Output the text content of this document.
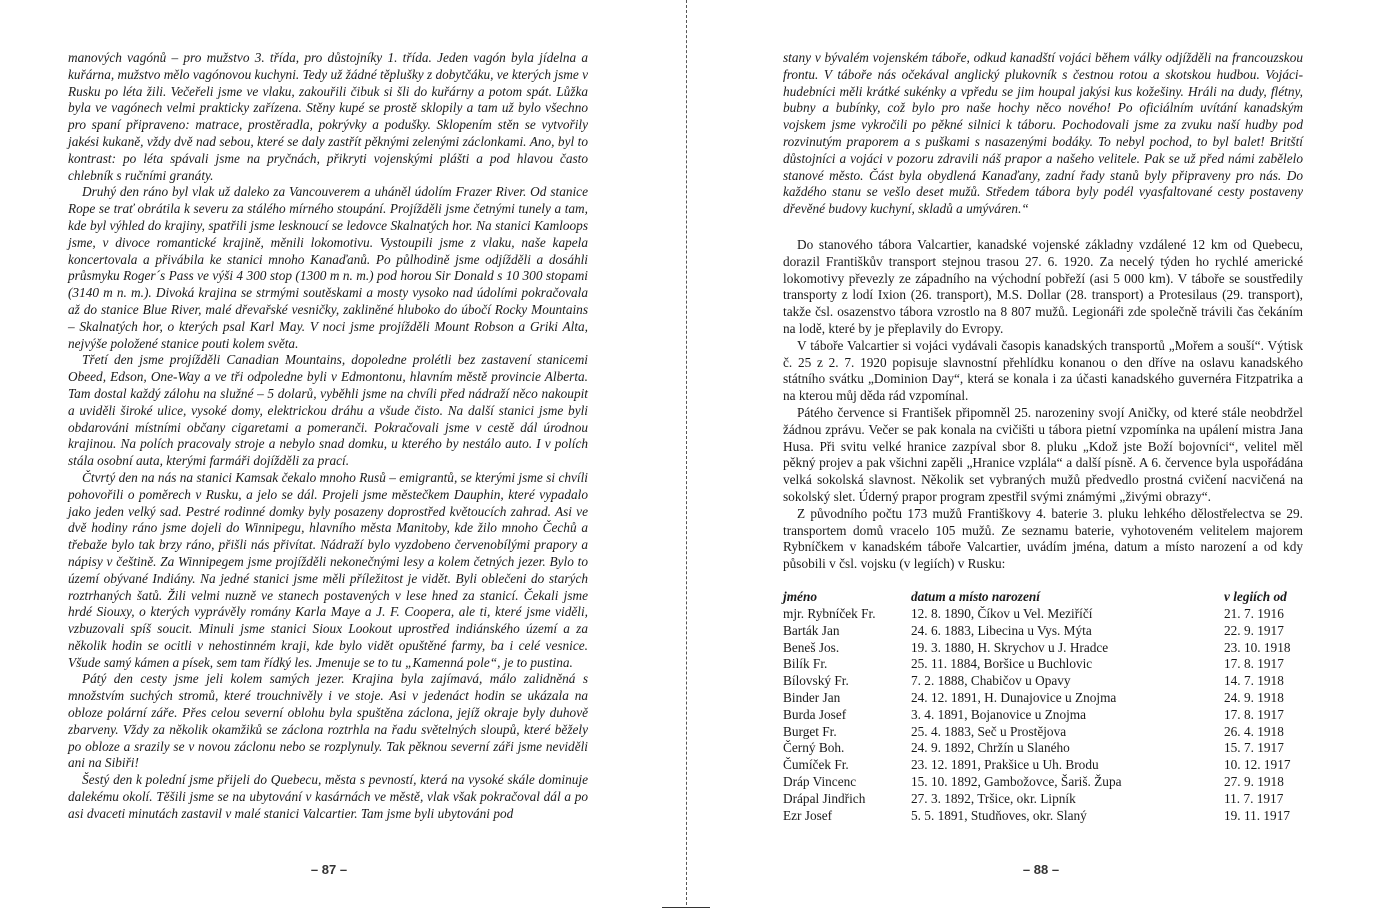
manových vagónů – pro mužstvo 3. třída, pro důstojníky 1. třída. Jeden vagón byla jídelna a kuřárna, mužstvo mělo vagónovou kuchyni. Tedy už žádné těplušky z dobytčáku, ve kterých jsme v Rusku po léta žili. Večeřeli jsme ve vlaku, zakouřili čibuk si šli do kuřárny a potom spát. Lůžka byla ve vagónech velmi prakticky zařízena. Stěny kupé se prostě sklopily a tam už bylo všechno pro spaní připraveno: matrace, prostěradla, pokrývky a podušky. Sklopením stěn se vytvořily jakési kukaně, vždy dvě nad sebou, které se daly zastřít pěknými zelenými záclonkami. Ano, byl to kontrast: po léta spávali jsme na pryčnách, přikryti vojenskými plášti a pod hlavou často chlebník s ručními granáty.

Druhý den ráno byl vlak už daleko za Vancouverem a uháněl údolím Frazer River. Od stanice Rope se trať obrátila k severu za stálého mírného stoupání. Projížděli jsme četnými tunely a tam, kde byl výhled do krajiny, spatřili jsme lesknoucí se ledovce Skalnatých hor. Na stanici Kamloops jsme, v divoce romantické krajině, měnili lokomotivu. Vystoupili jsme z vlaku, naše kapela koncertovala a přivábila ke stanici mnoho Kanaďanů. Po půlhodině jsme odjížděli a dosáhli průsmyku Roger´s Pass ve výši 4 300 stop (1300 m n. m.) pod horou Sir Donald s 10 300 stopami (3140 m n. m.). Divoká krajina se strmými soutěskami a mosty vysoko nad údolími pokračovala až do stanice Blue River, malé dřevařské vesničky, zakliněné hluboko do úbočí Rocky Mountains – Skalnatých hor, o kterých psal Karl May. V noci jsme projížděli Mount Robson a Griki Alta, nejvýše položené stanice pouti kolem světa.

Třetí den jsme projížděli Canadian Mountains, dopoledne prolétli bez zastavení stanicemi Obeed, Edson, One-Way a ve tři odpoledne byli v Edmontonu, hlavním městě provincie Alberta. Tam dostal každý zálohu na služné – 5 dolarů, vyběhli jsme na chvíli před nádraží něco nakoupit a uviděli široké ulice, vysoké domy, elektrickou dráhu a všude čisto. Na další stanici jsme byli obdarováni místními občany cigaretami a pomeranči. Pokračovali jsme v cestě dál úrodnou krajinou. Na polích pracovaly stroje a nebylo snad domku, u kterého by nestálo auto. I v polích stála osobní auta, kterými farmáři dojížděli za prací.

Čtvrtý den na nás na stanici Kamsak čekalo mnoho Rusů – emigrantů, se kterými jsme si chvíli pohovořili o poměrech v Rusku, a jelo se dál. Projeli jsme městečkem Dauphin, které vypadalo jako jeden velký sad. Pestré rodinné domky byly posazeny doprostřed květoucích zahrad. Asi ve dvě hodiny ráno jsme dojeli do Winnipegu, hlavního města Manitoby, kde žilo mnoho Čechů a třebaže bylo tak brzy ráno, přišli nás přivítat. Nádraží bylo vyzdobeno červenobílými prapory a nápisy v češtině. Za Winnipegem jsme projížděli nekonečnými lesy a kolem četných jezer. Bylo to území obývané Indiány. Na jedné stanici jsme měli příležitost je vidět. Byli oblečeni do starých roztrhaných šatů. Žili velmi nuzně ve stanech postavených v lese hned za stanicí. Čekali jsme hrdé Siouxy, o kterých vyprávěly romány Karla Maye a J. F. Coopera, ale ti, které jsme viděli, vzbuzovali spíš soucit. Minuli jsme stanici Sioux Lookout uprostřed indiánského území a za několik hodin se ocitli v nehostinném kraji, kde bylo vidět opuštěné farmy, ba i celé vesnice. Všude samý kámen a písek, sem tam řídký les. Jmenuje se to tu „Kamenná pole“, je to pustina.

Pátý den cesty jsme jeli kolem samých jezer. Krajina byla zajímavá, málo zalidněná s množstvím suchých stromů, které trouchnivěly i ve stoje. Asi v jedenáct hodin se ukázala na obloze polární záře. Přes celou severní oblohu byla spuštěna záclona, jejíž okraje byly duhově zbarveny. Vždy za několik okamžiků se záclona roztrhla na řadu světelných sloupů, které běžely po obloze a srazily se v novou záclonu nebo se rozplynuly. Tak pěknou severní záři jsme neviděli ani na Sibiři!

Šestý den k polední jsme přijeli do Quebecu, města s pevností, která na vysoké skále dominuje dalekému okolí. Těšili jsme se na ubytování v kasárnách ve městě, vlak však pokračoval dál a po asi dvaceti minutách zastavil v malé stanici Valcartier. Tam jsme byli ubytováni pod

– 87 –

stany v bývalém vojenském táboře, odkud kanadští vojáci během války odjížděli na francouzskou frontu. V táboře nás očekával anglický plukovník s čestnou rotou a skotskou hudbou. Vojáci-hudebníci měli krátké sukénky a vpředu se jim houpal jakýsi kus kožešiny. Hráli na dudy, flétny, bubny a bubínky, což bylo pro naše hochy něco nového! Po oficiálním uvítání kanadským vojskem jsme vykročili po pěkné silnici k táboru. Pochodovali jsme za zvuku naší hudby pod rozvinutým praporem a s puškami s nasazenými bodáky. To nebyl pochod, to byl balet! Britští důstojníci a vojáci v pozoru zdravili náš prapor a našeho velitele. Pak se už před námi zabělelo stanové město. Část byla obydlená Kanaďany, zadní řady stanů byly připraveny pro nás. Do každého stanu se vešlo deset mužů. Středem tábora byly podél vyasfaltované cesty postaveny dřevěné budovy kuchyní, skladů a umýváren.“

Do stanového tábora Valcartier, kanadské vojenské základny vzdálené 12 km od Quebecu, dorazil Františkův transport stejnou trasou 27. 6. 1920. Za necelý týden ho rychlé americké lokomotivy převezly ze západního na východní pobřeží (asi 5 000 km). V táboře se soustředily transporty z lodí Ixion (26. transport), M.S. Dollar (28. transport) a Protesilaus (29. transport), takže čsl. osazenstvo tábora vzrostlo na 8 807 mužů. Legionáři zde společně trávili čas čekáním na lodě, které by je přeplavily do Evropy.

V táboře Valcartier si vojáci vydávali časopis kanadských transportů „Mořem a souší“. Výtisk č. 25 z 2. 7. 1920 popisuje slavnostní přehlídku konanou o den dříve na oslavu kanadského státního svátku „Dominion Day“, která se konala i za účasti kanadského guvernéra Fitzpatrika a na kterou můj děda rád vzpomínal.

Pátého července si František připomněl 25. narozeniny svojí Aničky, od které stále neobdržel žádnou zprávu. Večer se pak konala na cvičišti u tábora pietní vzpomínka na upálení mistra Jana Husa. Při svitu velké hranice zazpíval sbor 8. pluku „Kdož jste Boží bojovníci“, velitel měl pěkný projev a pak všichni zapěli „Hranice vzplála“ a další písně. A 6. července byla uspořádána velká sokolská slavnost. Několik set vybraných mužů předvedlo prostná cvičení nacvičená na sokolský slet. Úderný prapor program zpestřil svými známými „živými obrazy“.

Z původního počtu 173 mužů Františkovy 4. baterie 3. pluku lehkého dělostřelectva se 29. transportem domů vracelo 105 mužů. Ze seznamu baterie, vyhotoveném velitelem majorem Rybníčkem v kanadském táboře Valcartier, uvádím jména, datum a místo narození a od kdy působili v čsl. vojsku (v legiích) v Rusku:

jméno	datum a místo narození	v legiích od
mjr. Rybníček Fr.	12. 8. 1890, Číkov u Vel. Meziříčí	21. 7. 1916
Barták Jan	24. 6. 1883, Libecina u Vys. Mýta	22. 9. 1917
Beneš Jos.	19. 3. 1880, H. Skrychov u J. Hradce	23. 10. 1918
Bilík Fr.	25. 11. 1884, Boršice u Buchlovic	17. 8. 1917
Bílovský Fr.	7. 2. 1888, Chabičov u Opavy	14. 7. 1918
Binder Jan	24. 12. 1891, H. Dunajovice u Znojma	24. 9. 1918
Burda Josef	3. 4. 1891, Bojanovice u Znojma	17. 8. 1917
Burget Fr.	25. 4. 1883, Seč u Prostějova	26. 4. 1918
Černý Boh.	24. 9. 1892, Chržín u Slaného	15. 7. 1917
Čumíček Fr.	23. 12. 1891, Prakšice u Uh. Brodu	10. 12. 1917
Dráp Vincenc	15. 10. 1892, Gambožovce, Šariš. Župa	27. 9. 1918
Drápal Jindřich	27. 3. 1892, Tršice, okr. Lipník	11. 7. 1917
Ezr Josef	5. 5. 1891, Studňoves, okr. Slaný	19. 11. 1917
– 88 –
